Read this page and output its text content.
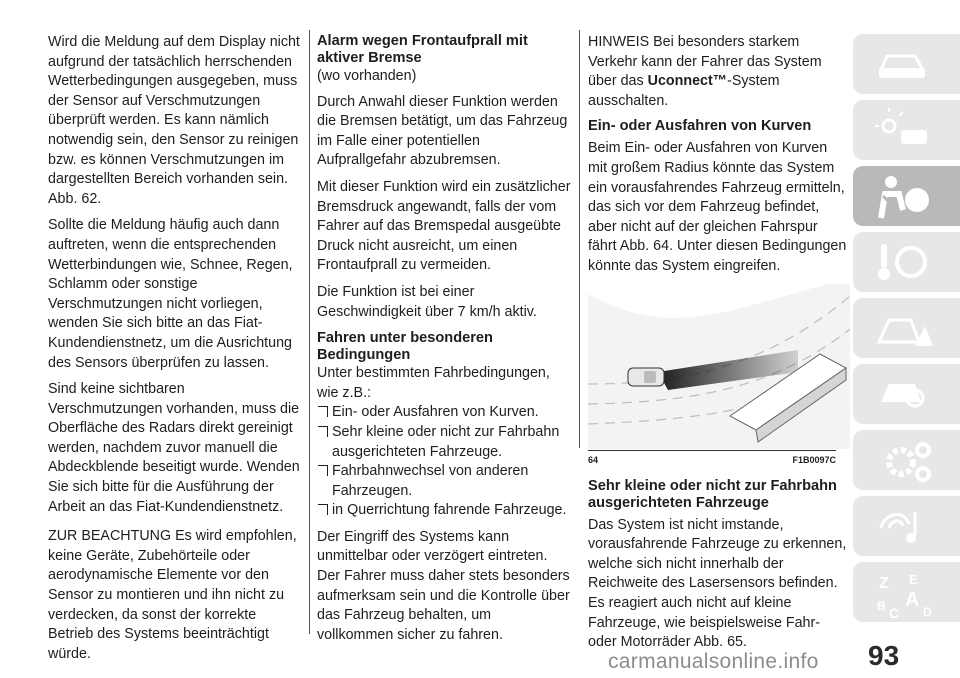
Wird die Meldung auf dem Display nicht aufgrund der tatsächlich herrschenden Wetterbedingungen ausgegeben, muss der Sensor auf Verschmutzungen überprüft werden. Es kann nämlich notwendig sein, den Sensor zu reinigen bzw. es können Verschmutzungen im dargestellten Bereich vorhanden sein. Abb. 62.

Sollte die Meldung häufig auch dann auftreten, wenn die entsprechenden Wetterbindungen wie, Schnee, Regen, Schlamm oder sonstige Verschmutzungen nicht vorliegen, wenden Sie sich bitte an das Fiat-Kundendienstnetz, um die Ausrichtung des Sensors überprüfen zu lassen.

Sind keine sichtbaren Verschmutzungen vorhanden, muss die Oberfläche des Radars direkt gereinigt werden, nachdem zuvor manuell die Abdeckblende beseitigt wurde. Wenden Sie sich bitte für die Ausführung der Arbeit an das Fiat-Kundendienstnetz.

ZUR BEACHTUNG Es wird empfohlen, keine Geräte, Zubehörteile oder aerodynamische Elemente vor den Sensor zu montieren und ihn nicht zu verdecken, da sonst der korrekte Betrieb des Systems beeinträchtigt würde.

Alarm wegen Frontaufprall mit aktiver Bremse

(wo vorhanden)

Durch Anwahl dieser Funktion werden die Bremsen betätigt, um das Fahrzeug im Falle einer potentiellen Aufprallgefahr abzubremsen.

Mit dieser Funktion wird ein zusätzlicher Bremsdruck angewandt, falls der vom Fahrer auf das Bremspedal ausgeübte Druck nicht ausreicht, um einen Frontaufprall zu vermeiden.

Die Funktion ist bei einer Geschwindigkeit über 7 km/h aktiv.

Fahren unter besonderen Bedingungen

Unter bestimmten Fahrbedingungen, wie z.B.:

Ein- oder Ausfahren von Kurven.
Sehr kleine oder nicht zur Fahrbahn ausgerichteten Fahrzeuge.
Fahrbahnwechsel von anderen Fahrzeugen.
in Querrichtung fahrende Fahrzeuge.

Der Eingriff des Systems kann unmittelbar oder verzögert eintreten.

Der Fahrer muss daher stets besonders aufmerksam sein und die Kontrolle über das Fahrzeug behalten, um vollkommen sicher zu fahren.

HINWEIS Bei besonders starkem Verkehr kann der Fahrer das System über das Uconnect™-System ausschalten.

Ein- oder Ausfahren von Kurven

Beim Ein- oder Ausfahren von Kurven mit großem Radius könnte das System ein vorausfahrendes Fahrzeug ermitteln, das sich vor dem Fahrzeug befindet, aber nicht auf der gleichen Fahrspur fährt Abb. 64. Unter diesen Bedingungen könnte das System eingreifen.

64	F1B0097C
Sehr kleine oder nicht zur Fahrbahn ausgerichteten Fahrzeuge

Das System ist nicht imstande, vorausfahrende Fahrzeuge zu erkennen, welche sich nicht innerhalb der Reichweite des Lasersensors befinden. Es reagiert auch nicht auf kleine Fahrzeuge, wie beispielsweise Fahr- oder Motorräder Abb. 65.

Z E
A
B C D
93
carmanualsonline.info
